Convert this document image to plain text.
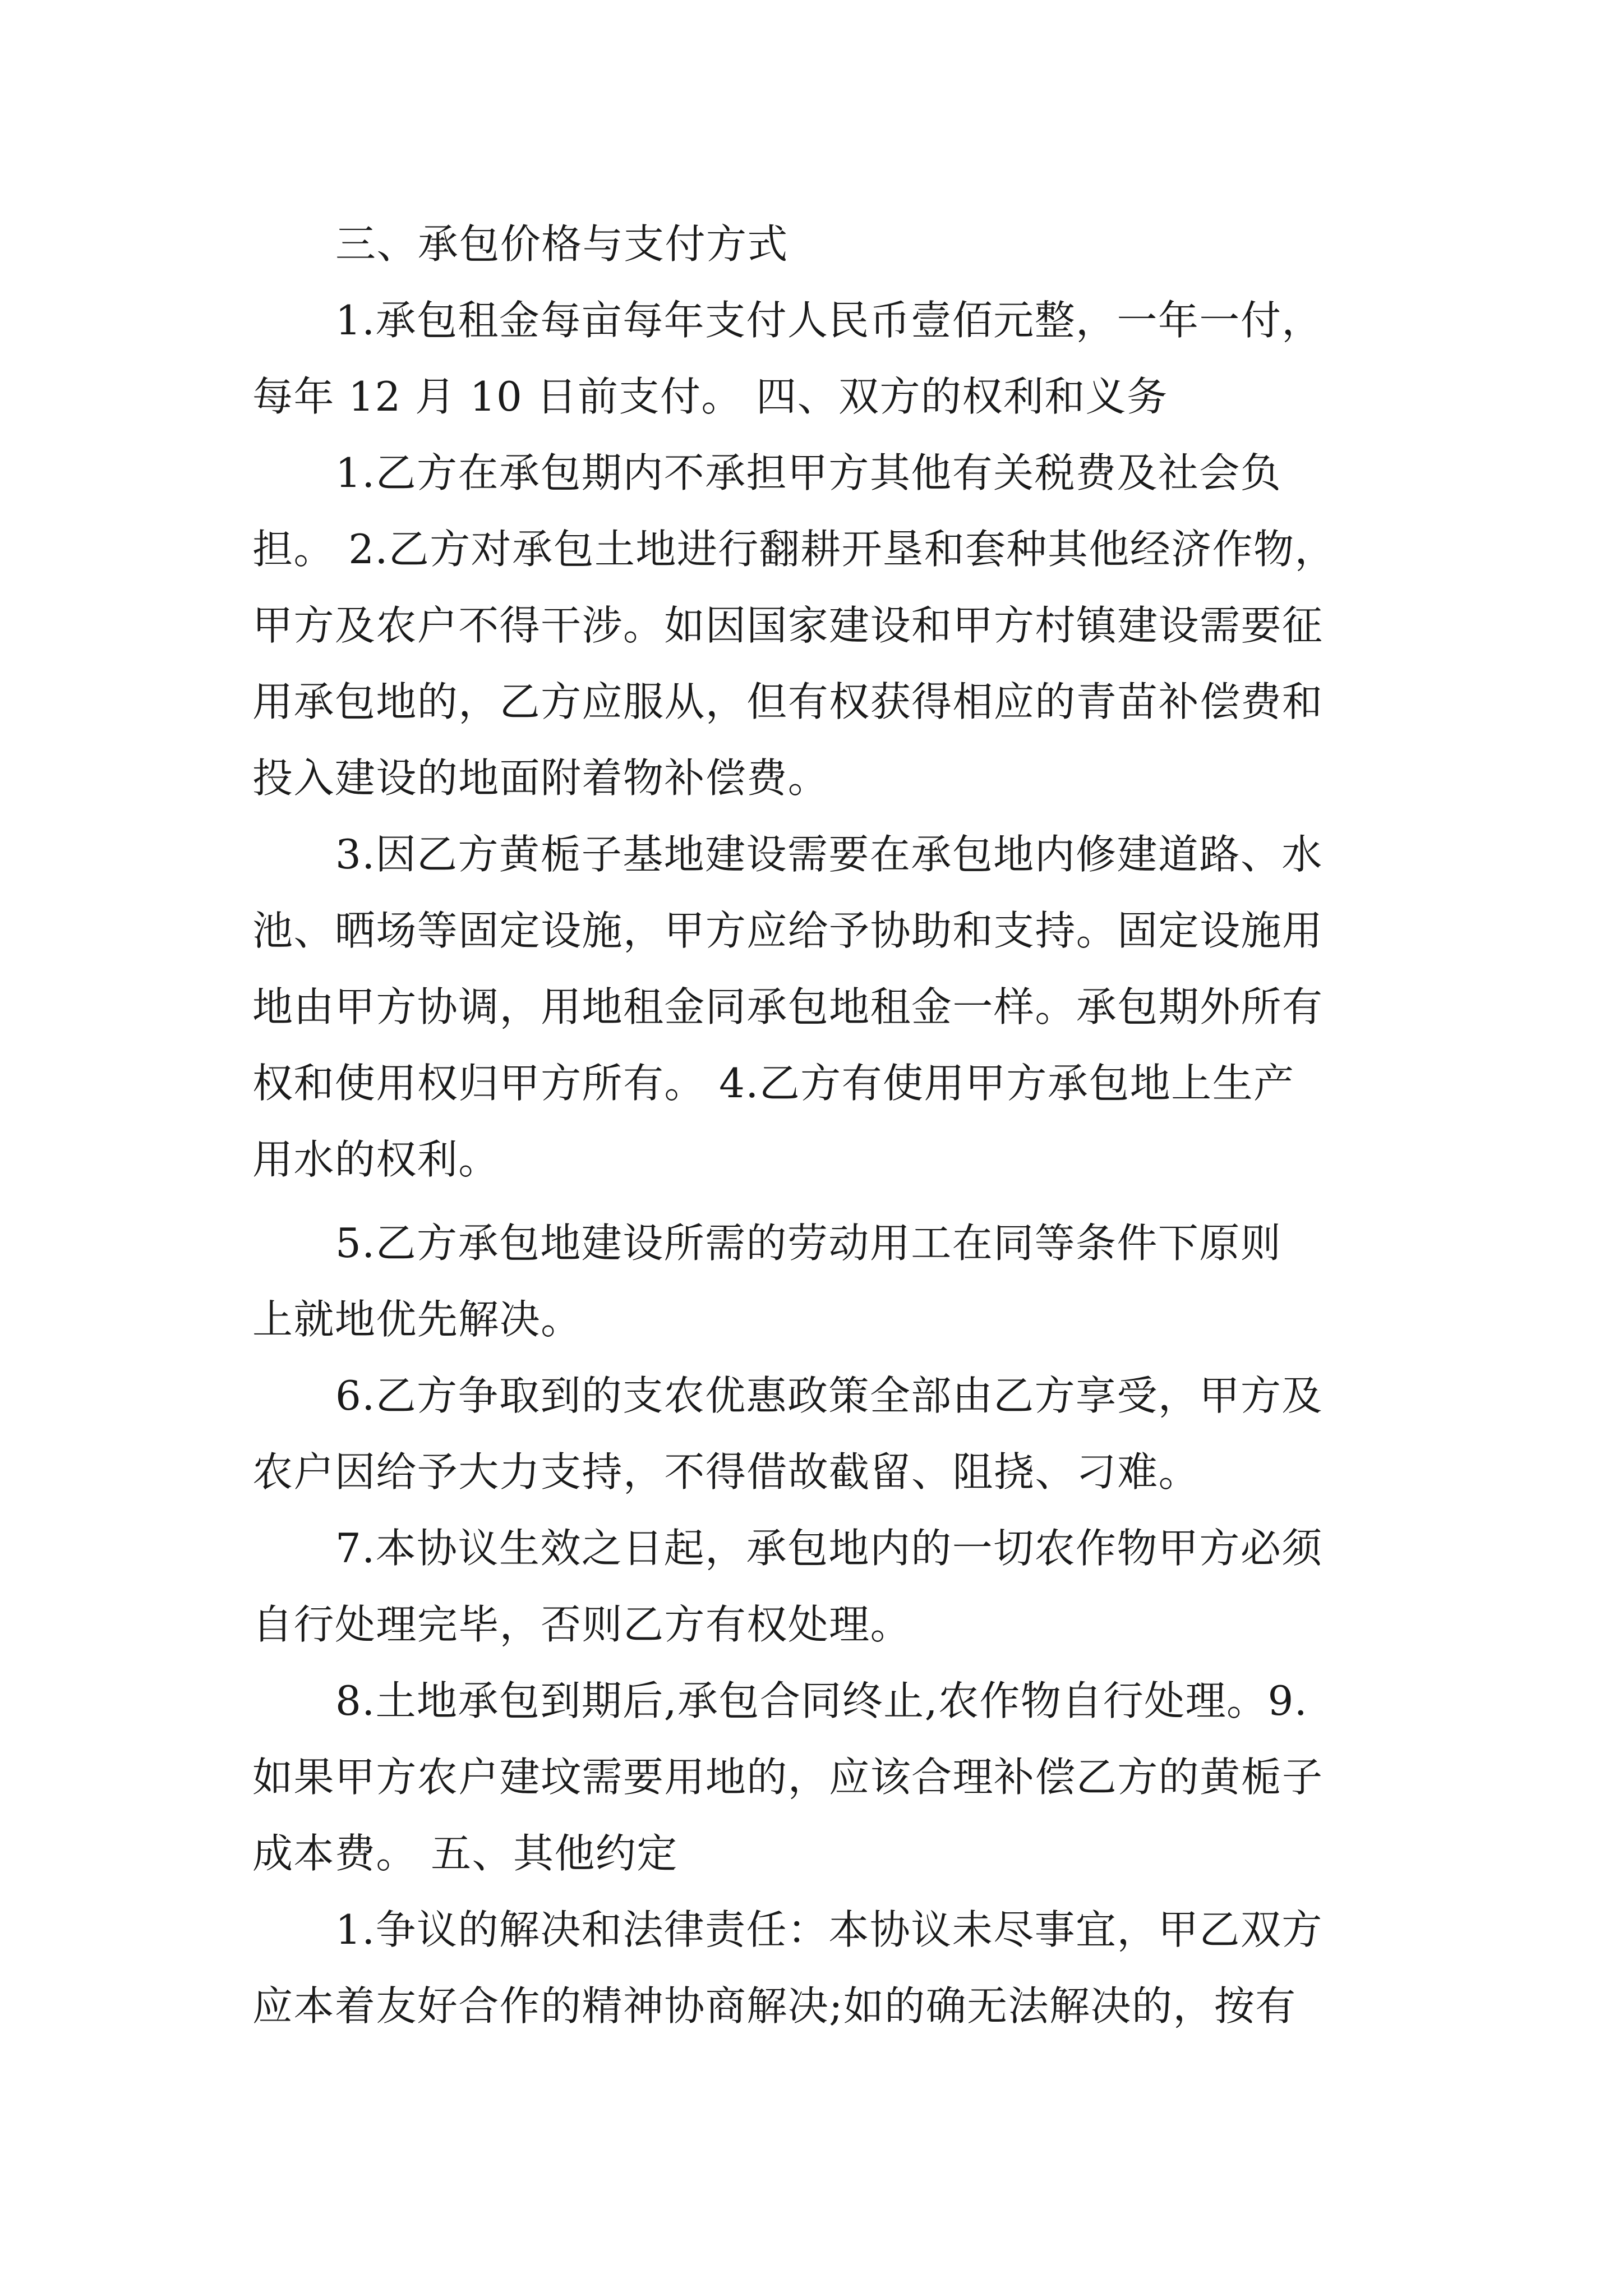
三、承包价格与支付方式

1.承包租金每亩每年支付人民币壹佰元整，一年一付，

每年 12 月 10 日前支付。 四、双方的权利和义务

1.乙方在承包期内不承担甲方其他有关税费及社会负

担。 2.乙方对承包土地进行翻耕开垦和套种其他经济作物，

甲方及农户不得干涉。如因国家建设和甲方村镇建设需要征

用承包地的，乙方应服从，但有权获得相应的青苗补偿费和

投入建设的地面附着物补偿费。

3.因乙方黄栀子基地建设需要在承包地内修建道路、水

池、晒场等固定设施，甲方应给予协助和支持。固定设施用

地由甲方协调，用地租金同承包地租金一样。承包期外所有

权和使用权归甲方所有。 4.乙方有使用甲方承包地上生产

用水的权利。

5.乙方承包地建设所需的劳动用工在同等条件下原则

上就地优先解决。

6.乙方争取到的支农优惠政策全部由乙方享受，甲方及

农户因给予大力支持，不得借故截留、阻挠、刁难。

7.本协议生效之日起，承包地内的一切农作物甲方必须

自行处理完毕，否则乙方有权处理。

8.土地承包到期后,承包合同终止,农作物自行处理。9.

如果甲方农户建坟需要用地的，应该合理补偿乙方的黄栀子

成本费。 五、其他约定

1.争议的解决和法律责任：本协议未尽事宜，甲乙双方

应本着友好合作的精神协商解决;如的确无法解决的，按有
